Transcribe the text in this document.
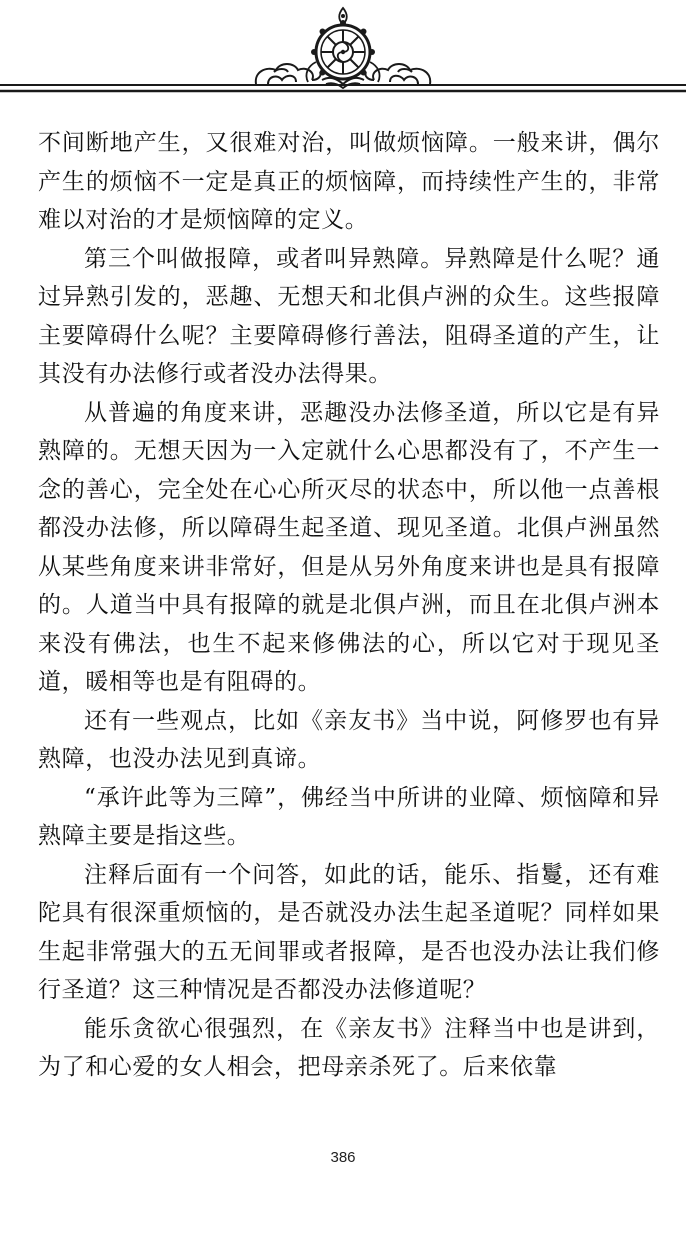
不间断地产生，又很难对治，叫做烦恼障。一般来讲，偶尔产生的烦恼不一定是真正的烦恼障，而持续性产生的，非常难以对治的才是烦恼障的定义。

第三个叫做报障，或者叫异熟障。异熟障是什么呢？通过异熟引发的，恶趣、无想天和北俱卢洲的众生。这些报障主要障碍什么呢？主要障碍修行善法，阻碍圣道的产生，让其没有办法修行或者没办法得果。

从普遍的角度来讲，恶趣没办法修圣道，所以它是有异熟障的。无想天因为一入定就什么心思都没有了，不产生一念的善心，完全处在心心所灭尽的状态中，所以他一点善根都没办法修，所以障碍生起圣道、现见圣道。北俱卢洲虽然从某些角度来讲非常好，但是从另外角度来讲也是具有报障的。人道当中具有报障的就是北俱卢洲，而且在北俱卢洲本来没有佛法，也生不起来修佛法的心，所以它对于现见圣道，暖相等也是有阻碍的。

还有一些观点，比如《亲友书》当中说，阿修罗也有异熟障，也没办法见到真谛。

“承许此等为三障”，佛经当中所讲的业障、烦恼障和异熟障主要是指这些。

注释后面有一个问答，如此的话，能乐、指鬘，还有难陀具有很深重烦恼的，是否就没办法生起圣道呢？同样如果生起非常强大的五无间罪或者报障，是否也没办法让我们修行圣道？这三种情况是否都没办法修道呢？

能乐贪欲心很强烈，在《亲友书》注释当中也是讲到，为了和心爱的女人相会，把母亲杀死了。后来依靠

386
